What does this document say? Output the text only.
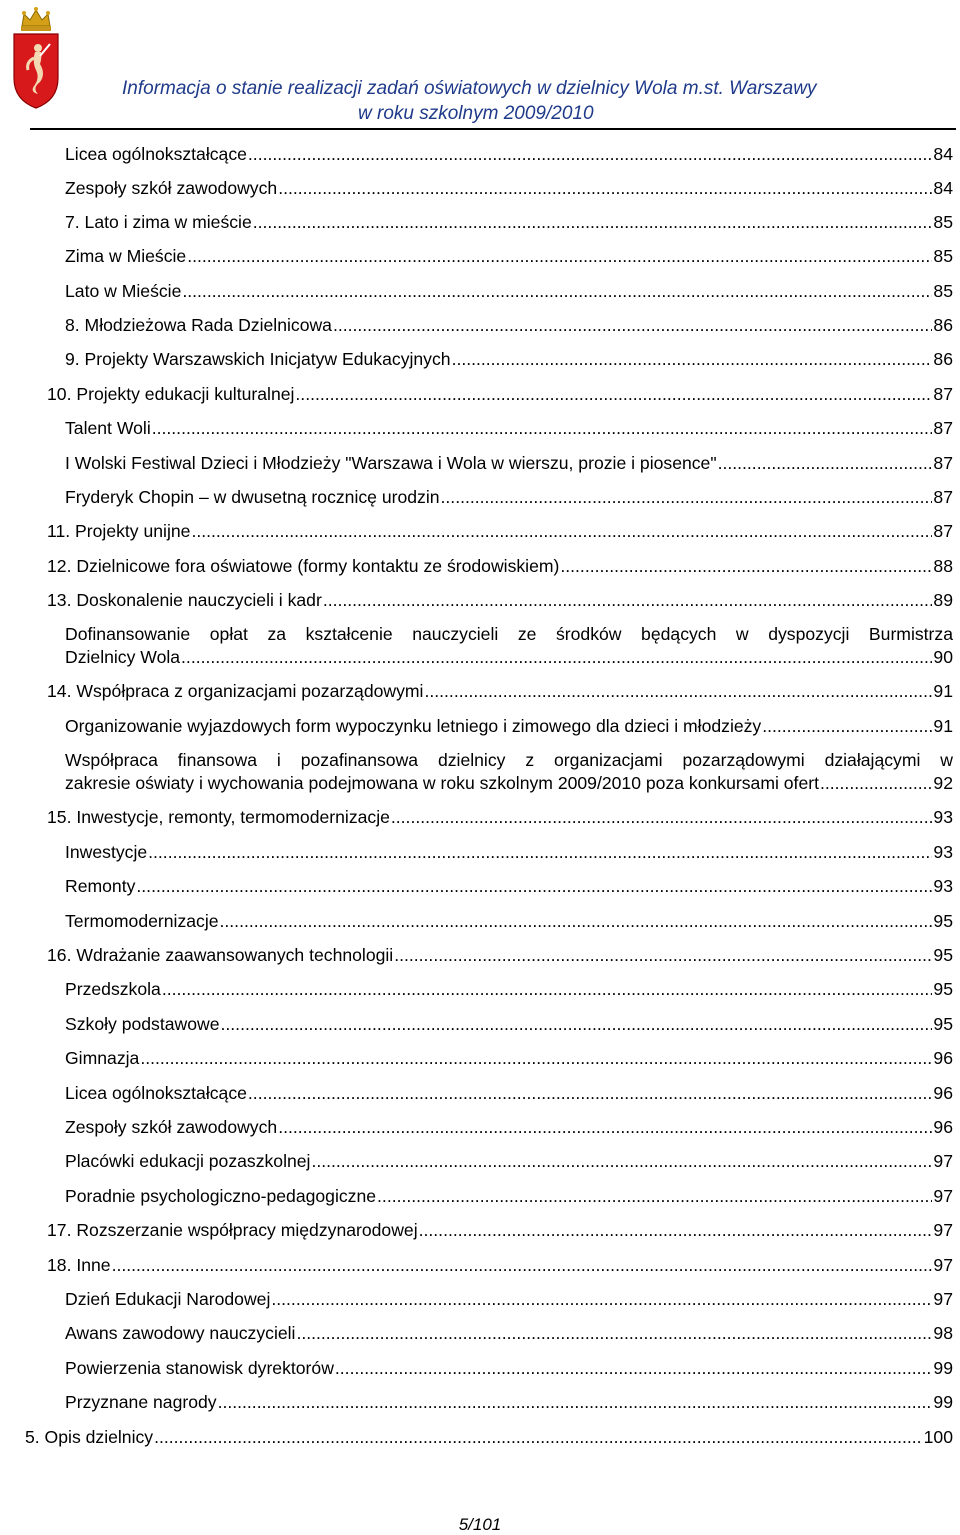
Informacja o stanie realizacji zadań oświatowych w dzielnicy Wola m.st. Warszawy
w roku szkolnym 2009/2010
Licea ogólnokształcące .....	84
Zespoły szkół zawodowych .....	84
7. Lato i zima w mieście .....	85
Zima w Mieście .....	85
Lato w Mieście .....	85
8. Młodzieżowa Rada Dzielnicowa .....	86
9. Projekty Warszawskich Inicjatyw Edukacyjnych .....	86
10. Projekty edukacji kulturalnej .....	87
Talent Woli .....	87
I Wolski Festiwal Dzieci i Młodzieży "Warszawa i Wola w wierszu, prozie i piosence" .....	87
Fryderyk Chopin – w dwusetną rocznicę urodzin .....	87
11. Projekty unijne .....	87
12. Dzielnicowe fora oświatowe (formy kontaktu ze środowiskiem) .....	88
13. Doskonalenie nauczycieli i kadr .....	89
Dofinansowanie opłat za kształcenie nauczycieli ze środków będących w dyspozycji Burmistrza
Dzielnicy Wola .....	90
14. Współpraca z organizacjami pozarządowymi .....	91
Organizowanie wyjazdowych form wypoczynku letniego i zimowego dla dzieci i młodzieży .....	91
Współpraca finansowa i pozafinansowa dzielnicy z organizacjami pozarządowymi działającymi w
zakresie oświaty i wychowania podejmowana w roku szkolnym 2009/2010 poza konkursami ofert .....	92
15. Inwestycje, remonty, termomodernizacje .....	93
Inwestycje .....	93
Remonty .....	93
Termomodernizacje .....	95
16. Wdrażanie zaawansowanych technologii .....	95
Przedszkola .....	95
Szkoły podstawowe .....	95
Gimnazja .....	96
Licea ogólnokształcące .....	96
Zespoły szkół zawodowych .....	96
Placówki edukacji pozaszkolnej .....	97
Poradnie psychologiczno-pedagogiczne .....	97
17. Rozszerzanie współpracy międzynarodowej .....	97
18. Inne .....	97
Dzień Edukacji Narodowej .....	97
Awans zawodowy nauczycieli .....	98
Powierzenia stanowisk dyrektorów .....	99
Przyznane nagrody .....	99
5. Opis dzielnicy .....	100
5/101
